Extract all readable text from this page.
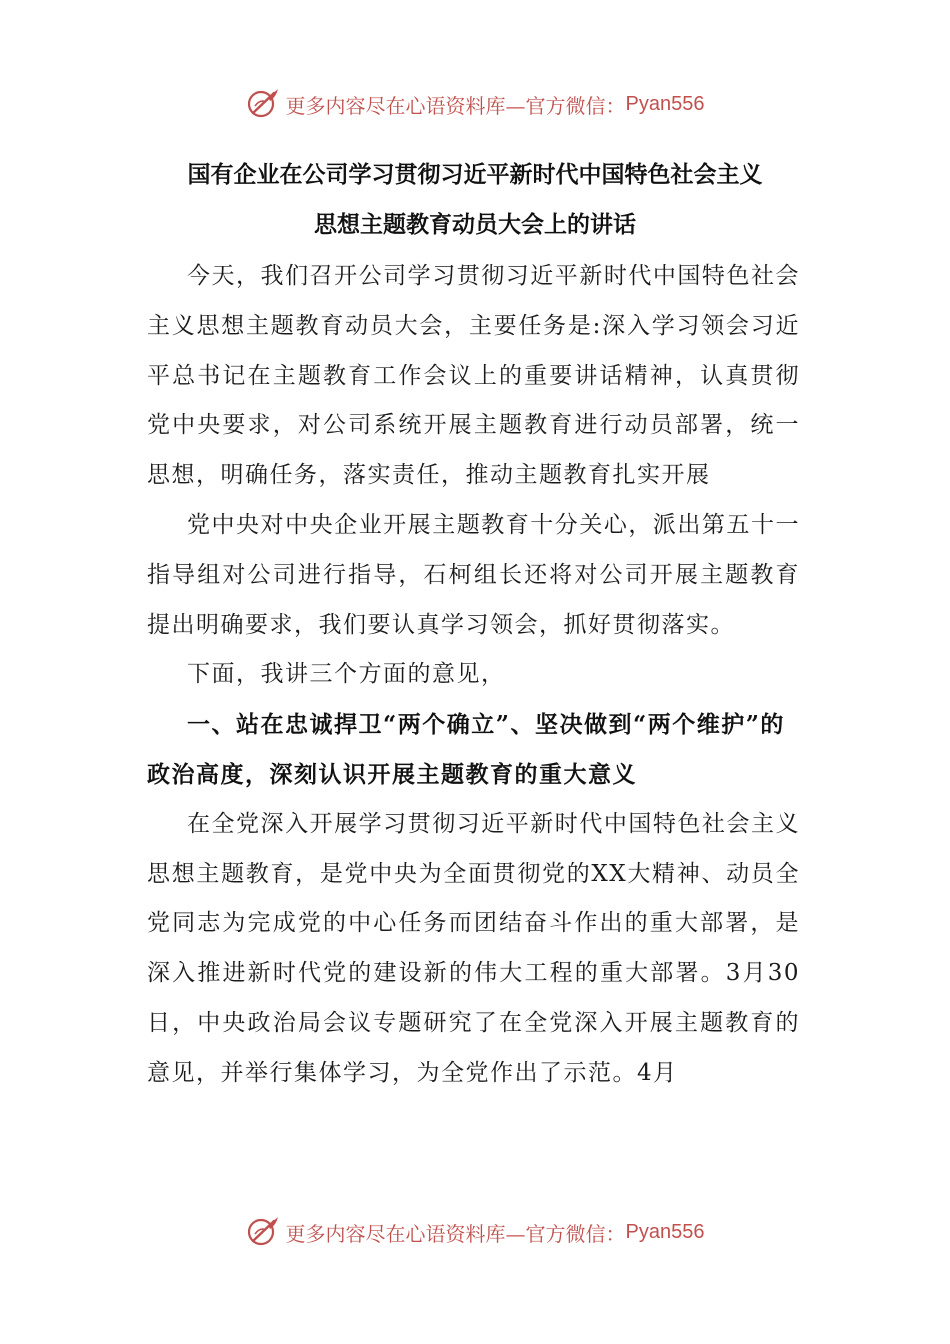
更多内容尽在心语资料库—官方微信： Pyan556
国有企业在公司学习贯彻习近平新时代中国特色社会主义
思想主题教育动员大会上的讲话

今天，我们召开公司学习贯彻习近平新时代中国特色社会主义思想主题教育动员大会，主要任务是:深入学习领会习近平总书记在主题教育工作会议上的重要讲话精神，认真贯彻党中央要求，对公司系统开展主题教育进行动员部署，统一思想，明确任务，落实责任，推动主题教育扎实开展

党中央对中央企业开展主题教育十分关心，派出第五十一指导组对公司进行指导，石柯组长还将对公司开展主题教育提出明确要求，我们要认真学习领会，抓好贯彻落实。

下面，我讲三个方面的意见，

一、站在忠诚捍卫“两个确立”、坚决做到“两个维护”的政治高度，深刻认识开展主题教育的重大意义

在全党深入开展学习贯彻习近平新时代中国特色社会主义思想主题教育，是党中央为全面贯彻党的XX大精神、动员全党同志为完成党的中心任务而团结奋斗作出的重大部署，是深入推进新时代党的建设新的伟大工程的重大部署。3月30日，中央政治局会议专题研究了在全党深入开展主题教育的意见，并举行集体学习，为全党作出了示范。4月

更多内容尽在心语资料库—官方微信： Pyan556
